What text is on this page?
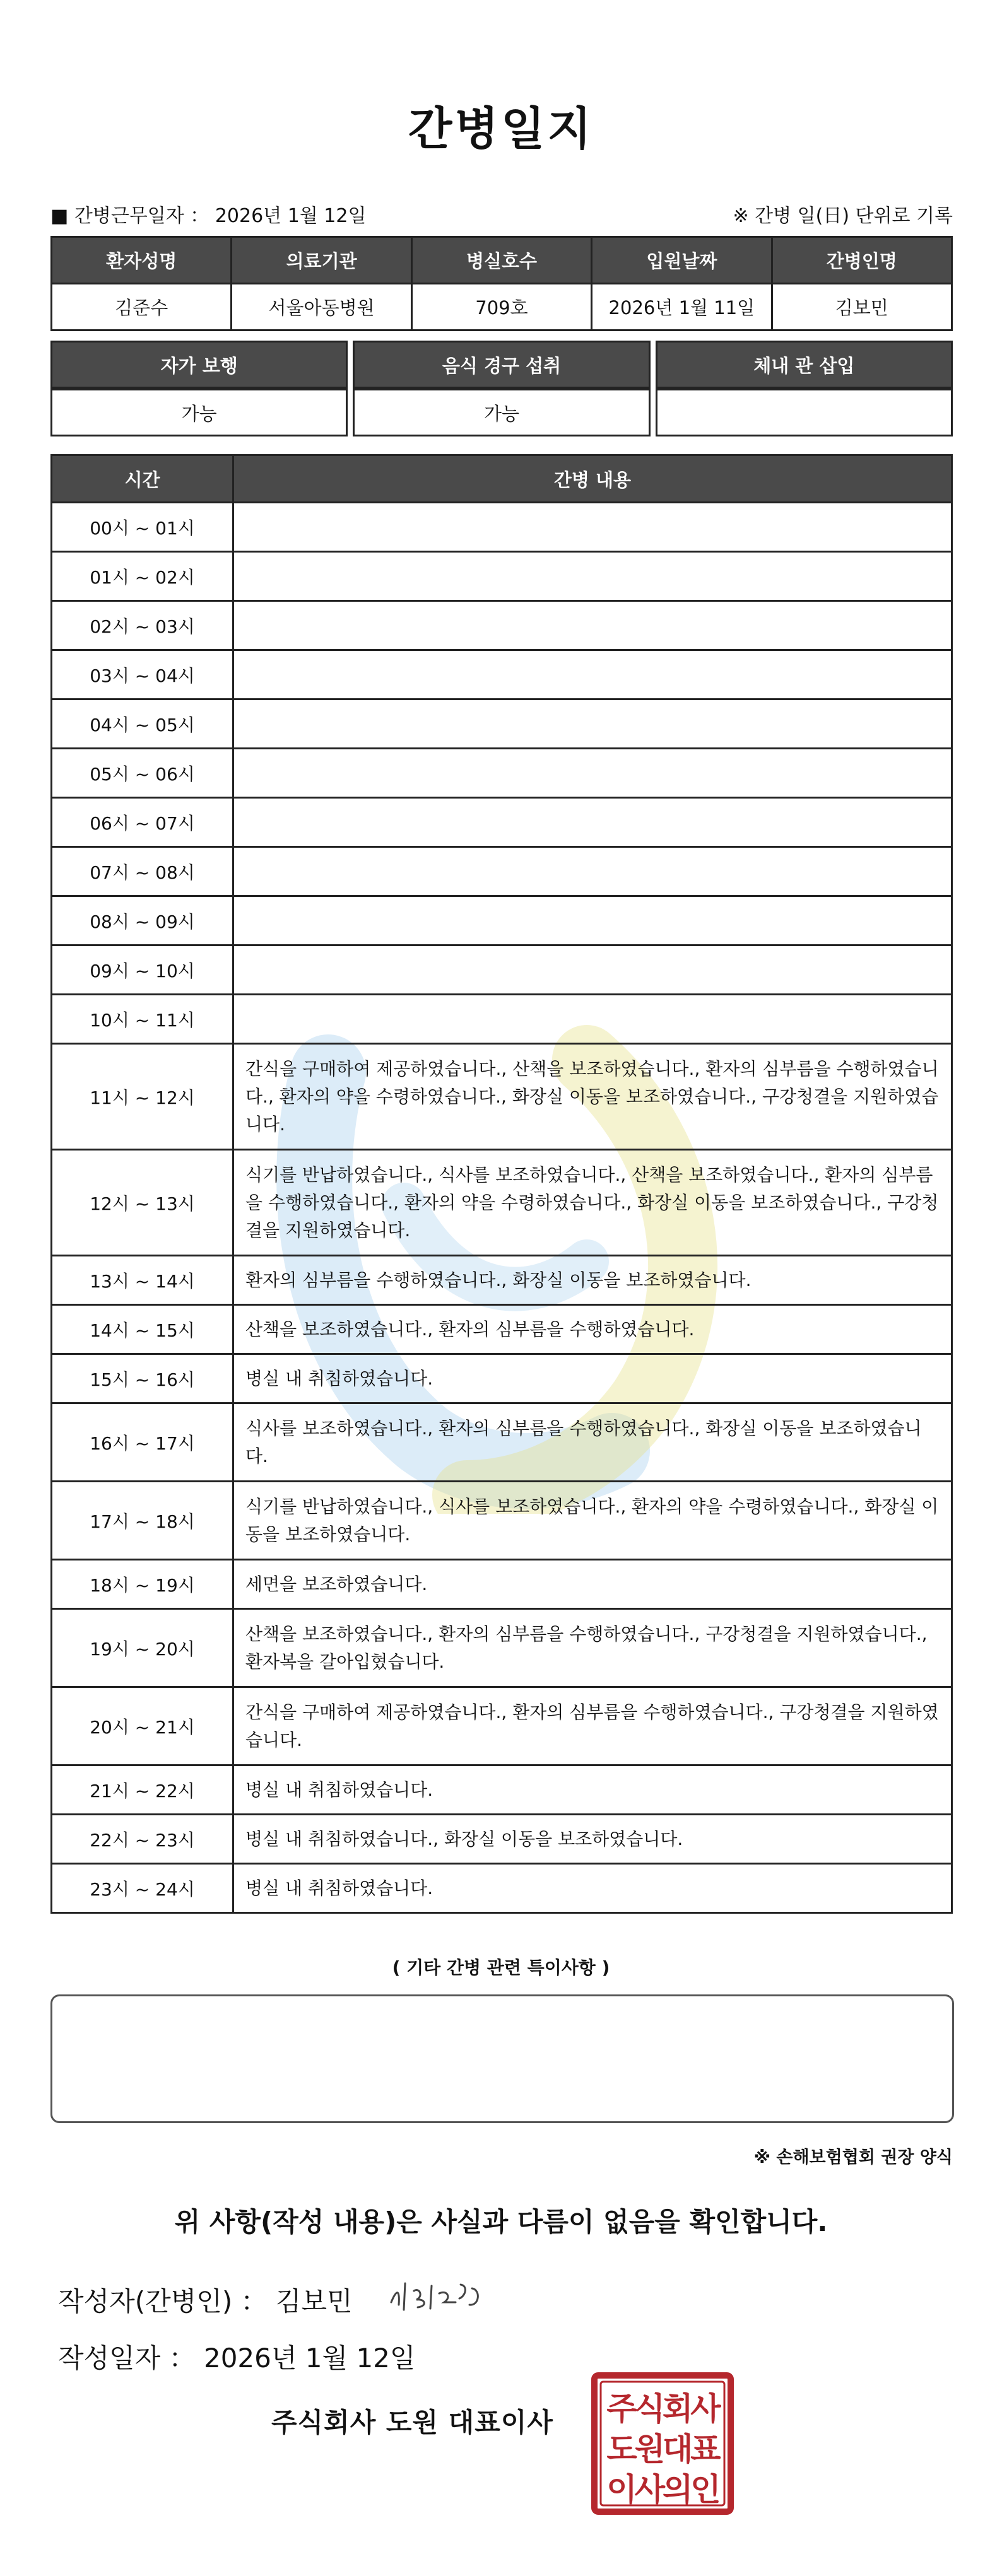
간병일지
■ 간병근무일자 ： 2026년 1월 12일	※ 간병 일(日) 단위로 기록
환자성명	의료기관	병실호수	입원날짜	간병인명
김준수	서울아동병원	709호	2026년 1월 11일	김보민
자가 보행	음식 경구 섭취	체내 관 삽입
가능	가능	
시간	간병 내용
00시 ~ 01시	
01시 ~ 02시	
02시 ~ 03시	
03시 ~ 04시	
04시 ~ 05시	
05시 ~ 06시	
06시 ~ 07시	
07시 ~ 08시	
08시 ~ 09시	
09시 ~ 10시	
10시 ~ 11시	
11시 ~ 12시	간식을 구매하여 제공하였습니다., 산책을 보조하였습니다., 환자의 심부름을 수행하였습니다., 환자의 약을 수령하였습니다., 화장실 이동을 보조하였습니다., 구강청결을 지원하였습니다.
12시 ~ 13시	식기를 반납하였습니다., 식사를 보조하였습니다., 산책을 보조하였습니다., 환자의 심부름을 수행하였습니다., 환자의 약을 수령하였습니다., 화장실 이동을 보조하였습니다., 구강청결을 지원하였습니다.
13시 ~ 14시	환자의 심부름을 수행하였습니다., 화장실 이동을 보조하였습니다.
14시 ~ 15시	산책을 보조하였습니다., 환자의 심부름을 수행하였습니다.
15시 ~ 16시	병실 내 취침하였습니다.
16시 ~ 17시	식사를 보조하였습니다., 환자의 심부름을 수행하였습니다., 화장실 이동을 보조하였습니다.
17시 ~ 18시	식기를 반납하였습니다., 식사를 보조하였습니다., 환자의 약을 수령하였습니다., 화장실 이동을 보조하였습니다.
18시 ~ 19시	세면을 보조하였습니다.
19시 ~ 20시	산책을 보조하였습니다., 환자의 심부름을 수행하였습니다., 구강청결을 지원하였습니다., 환자복을 갈아입혔습니다.
20시 ~ 21시	간식을 구매하여 제공하였습니다., 환자의 심부름을 수행하였습니다., 구강청결을 지원하였습니다.
21시 ~ 22시	병실 내 취침하였습니다.
22시 ~ 23시	병실 내 취침하였습니다., 화장실 이동을 보조하였습니다.
23시 ~ 24시	병실 내 취침하였습니다.
( 기타 간병 관련 특이사항 )
※ 손해보험협회 권장 양식
위 사항(작성 내용)은 사실과 다름이 없음을 확인합니다.
작성자(간병인) ： 김보민
작성일자 ： 2026년 1월 12일
주식회사 도원 대표이사 주식회사
도원대표
이사의인
